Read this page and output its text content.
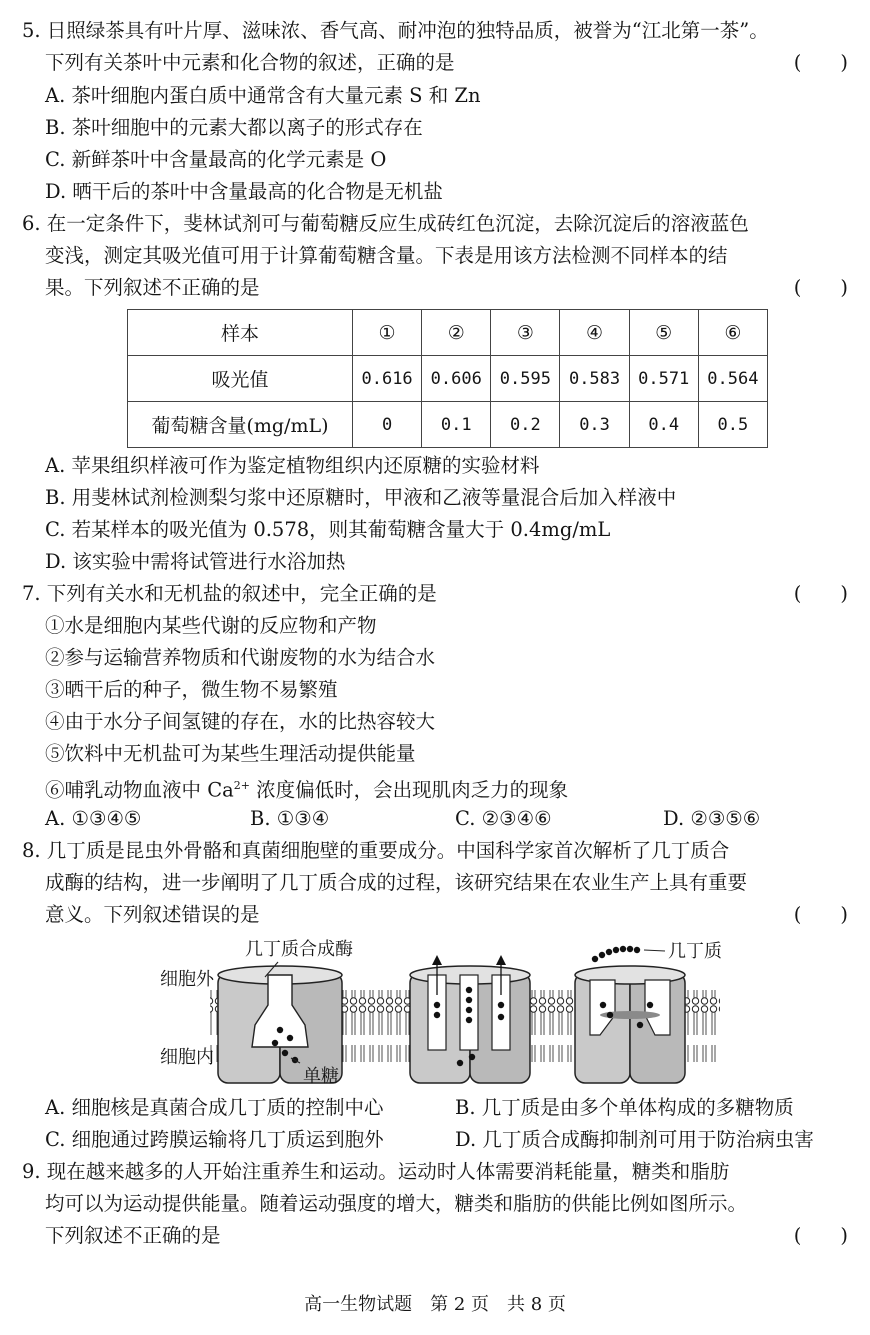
5. 日照绿茶具有叶片厚、滋味浓、香气高、耐冲泡的独特品质，被誉为“江北第一茶”。
下列有关茶叶中元素和化合物的叙述，正确的是	(　　)
A. 茶叶细胞内蛋白质中通常含有大量元素 S 和 Zn
B. 茶叶细胞中的元素大都以离子的形式存在
C. 新鲜茶叶中含量最高的化学元素是 O
D. 晒干后的茶叶中含量最高的化合物是无机盐
6. 在一定条件下，斐林试剂可与葡萄糖反应生成砖红色沉淀，去除沉淀后的溶液蓝色
变浅，测定其吸光值可用于计算葡萄糖含量。下表是用该方法检测不同样本的结
果。下列叙述不正确的是	(　　)
样本	①	②	③	④	⑤	⑥
吸光值	0.616	0.606	0.595	0.583	0.571	0.564
葡萄糖含量(mg/mL)	0	0.1	0.2	0.3	0.4	0.5
A. 苹果组织样液可作为鉴定植物组织内还原糖的实验材料
B. 用斐林试剂检测梨匀浆中还原糖时，甲液和乙液等量混合后加入样液中
C. 若某样本的吸光值为 0.578，则其葡萄糖含量大于 0.4mg/mL
D. 该实验中需将试管进行水浴加热
7. 下列有关水和无机盐的叙述中，完全正确的是	(　　)
①水是细胞内某些代谢的反应物和产物
②参与运输营养物质和代谢废物的水为结合水
③晒干后的种子，微生物不易繁殖
④由于水分子间氢键的存在，水的比热容较大
⑤饮料中无机盐可为某些生理活动提供能量
⑥哺乳动物血液中 $Ca^{2+}$ 浓度偏低时，会出现肌肉乏力的现象
A. ①③④⑤	B. ①③④	C. ②③④⑥	D. ②③⑤⑥
8. 几丁质是昆虫外骨骼和真菌细胞壁的重要成分。中国科学家首次解析了几丁质合
成酶的结构，进一步阐明了几丁质合成的过程，该研究结果在农业生产上具有重要
意义。下列叙述错误的是	(　　)
几丁质合成酶	几丁质
细胞外
细胞内
单糖
A. 细胞核是真菌合成几丁质的控制中心	B. 几丁质是由多个单体构成的多糖物质
C. 细胞通过跨膜运输将几丁质运到胞外	D. 几丁质合成酶抑制剂可用于防治病虫害
9. 现在越来越多的人开始注重养生和运动。运动时人体需要消耗能量，糖类和脂肪
均可以为运动提供能量。随着运动强度的增大，糖类和脂肪的供能比例如图所示。
下列叙述不正确的是	(　　)
高一生物试题　第 2 页　共 8 页
